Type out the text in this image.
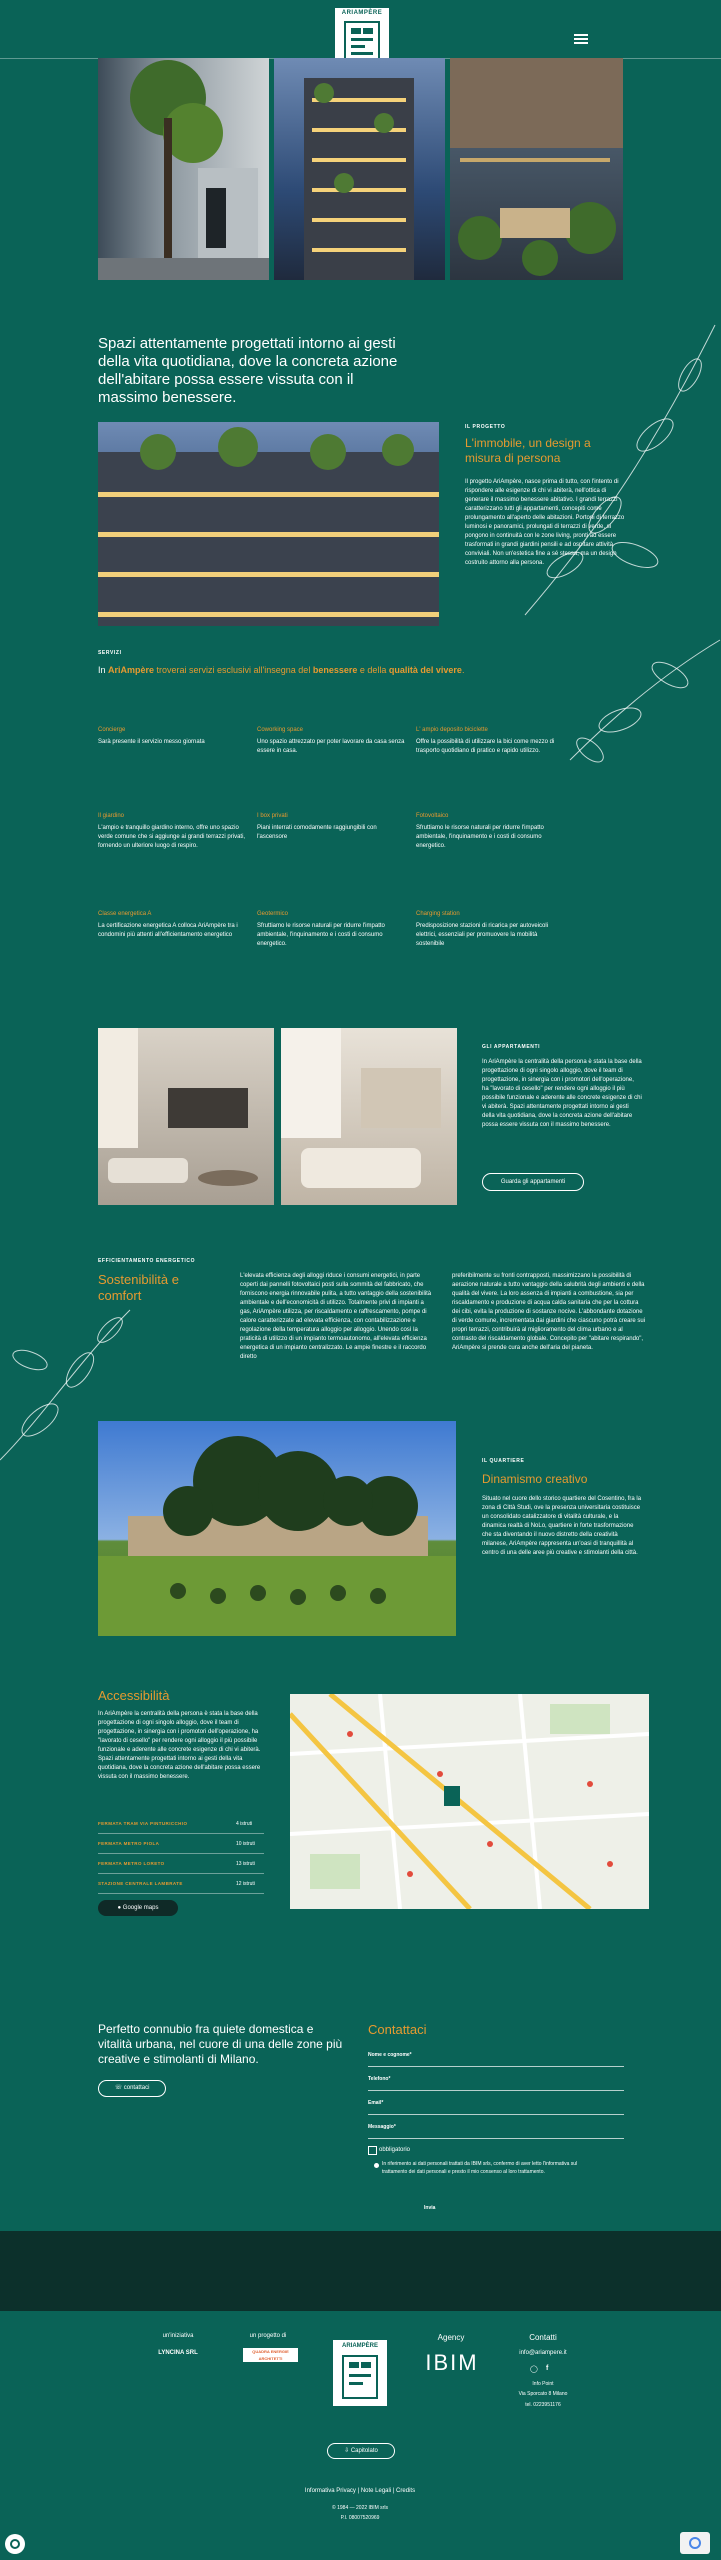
ARIAMPÈRE
Spazi attentamente progettati intorno ai gesti della vita quotidiana, dove la concreta azione dell'abitare possa essere vissuta con il massimo benessere.
IL PROGETTO
L'immobile, un design a misura di persona
Il progetto AriAmpère, nasce prima di tutto, con l'intento di rispondere alle esigenze di chi vi abiterà, nell'ottica di generare il massimo benessere abitativo. I grandi terrazzi caratterizzano tutti gli appartamenti, concepiti come prolungamento all'aperto delle abitazioni. Portoni di terrazzo luminosi e panoramici, prolungati di terrazzi di verde, si pongono in continuità con le zone living, pronti ad essere trasformati in grandi giardini pensili e ad ospitare attività conviviali. Non un'estetica fine a sé stessa, ma un design costruito attorno alla persona.
SERVIZI
In AriAmpère troverai servizi esclusivi all'insegna del benessere e della qualità del vivere.
Concierge
Sarà presente il servizio messo giornata
Coworking space
Uno spazio attrezzato per poter lavorare da casa senza essere in casa.
L' ampio deposito biciclette
Offre la possibilità di utilizzare la bici come mezzo di trasporto quotidiano di pratico e rapido utilizzo.
Il giardino
L'ampio e tranquillo giardino interno, offre uno spazio verde comune che si aggiunge ai grandi terrazzi privati, fornendo un ulteriore luogo di respiro.
I box privati
Piani interrati comodamente raggiungibili con l'ascensore
Fotovoltaico
Sfruttiamo le risorse naturali per ridurre l'impatto ambientale, l'inquinamento e i costi di consumo energetico.
Classe energetica A
La certificazione energetica A colloca AriAmpère tra i condomini più attenti all'efficientamento energetico
Geotermico
Sfruttiamo le risorse naturali per ridurre l'impatto ambientale, l'inquinamento e i costi di consumo energetico.
Charging station
Predisposizione stazioni di ricarica per autoveicoli elettrici, essenziali per promuovere la mobilità sostenibile
GLI APPARTAMENTI
In AriAmpère la centralità della persona è stata la base della progettazione di ogni singolo alloggio, dove il team di progettazione, in sinergia con i promotori dell'operazione, ha "lavorato di cesello" per rendere ogni alloggio il più possibile funzionale e aderente alle concrete esigenze di chi vi abiterà. Spazi attentamente progettati intorno ai gesti della vita quotidiana, dove la concreta azione dell'abitare possa essere vissuta con il massimo benessere.
Guarda gli appartamenti
EFFICIENTAMENTO ENERGETICO
Sostenibilità e comfort
L'elevata efficienza degli alloggi riduce i consumi energetici, in parte coperti dai pannelli fotovoltaici posti sulla sommità del fabbricato, che forniscono energia rinnovabile pulita, a tutto vantaggio della sostenibilità ambientale e dell'economicità di utilizzo. Totalmente privi di impianti a gas, AriAmpère utilizza, per riscaldamento e raffrescamento, pompe di calore caratterizzate ad elevata efficienza, con contabilizzazione e regolazione della temperatura alloggio per alloggio. Unendo così la praticità di utilizzo di un impianto termoautonomo, all'elevata efficienza energetica di un impianto centralizzato. Le ampie finestre e il raccordo diretto
preferibilmente su fronti contrapposti, massimizzano la possibilità di aerazione naturale a tutto vantaggio della salubrità degli ambienti e della qualità del vivere. La loro assenza di impianti a combustione, sia per riscaldamento e produzione di acqua calda sanitaria che per la cottura dei cibi, evita la produzione di sostanze nocive. L'abbondante dotazione di verde comune, incrementata dai giardini che ciascuno potrà creare sui propri terrazzi, contribuirà al miglioramento del clima urbano e al contrasto del riscaldamento globale. Concepito per "abitare respirando", AriAmpère si prende cura anche dell'aria del pianeta.
IL QUARTIERE
Dinamismo creativo
Situato nel cuore dello storico quartiere del Cosentino, fra la zona di Città Studi, ove la presenza universitaria costituisce un consolidato catalizzatore di vitalità culturale, e la dinamica realtà di NoLo, quartiere in forte trasformazione che sta diventando il nuovo distretto della creatività milanese, AriAmpère rappresenta un'oasi di tranquillità al centro di una delle aree più creative e stimolanti della città.
Accessibilità
In AriAmpère la centralità della persona è stata la base della progettazione di ogni singolo alloggio, dove il team di progettazione, in sinergia con i promotori dell'operazione, ha "lavorato di cesello" per rendere ogni alloggio il più possibile funzionale e aderente alle concrete esigenze di chi vi abiterà. Spazi attentamente progettati intorno ai gesti della vita quotidiana, dove la concreta azione dell'abitare possa essere vissuta con il massimo benessere.
FERMATA TRAM VIA PINTURICCHIO	4 istruti
FERMATA METRO PIOLA	10 istruti
FERMATA METRO LORETO	13 istruti
STAZIONE CENTRALE LAMBRATE	12 istruti
● Google maps
Perfetto connubio fra quiete domestica e vitalità urbana, nel cuore di una delle zone più creative e stimolanti di Milano.
☏ contattaci
Contattaci
Nome e cognome*
Telefono*
Email*
Messaggio*
obbligatorio
In riferimento ai dati personali trattati da IBIM srls, confermo di aver letto l'informativa sul trattamento dei dati personali e presto il mio consenso al loro trattamento.
Invia
un'iniziativa
LYNCINA SRL
un progetto di
QUADRA ENERGIE ARCHITETTI
ARIAMPÈRE
Agency
IBIM
Contatti
info@ariampere.it
◯ f
Info Point
Via Sporcato 8 Milano
tel. 0223951176
⇩ Capitolato
Informativa Privacy | Note Legali | Credits
© 1984 — 2022 IBIM srls
P.I. 08007520969
